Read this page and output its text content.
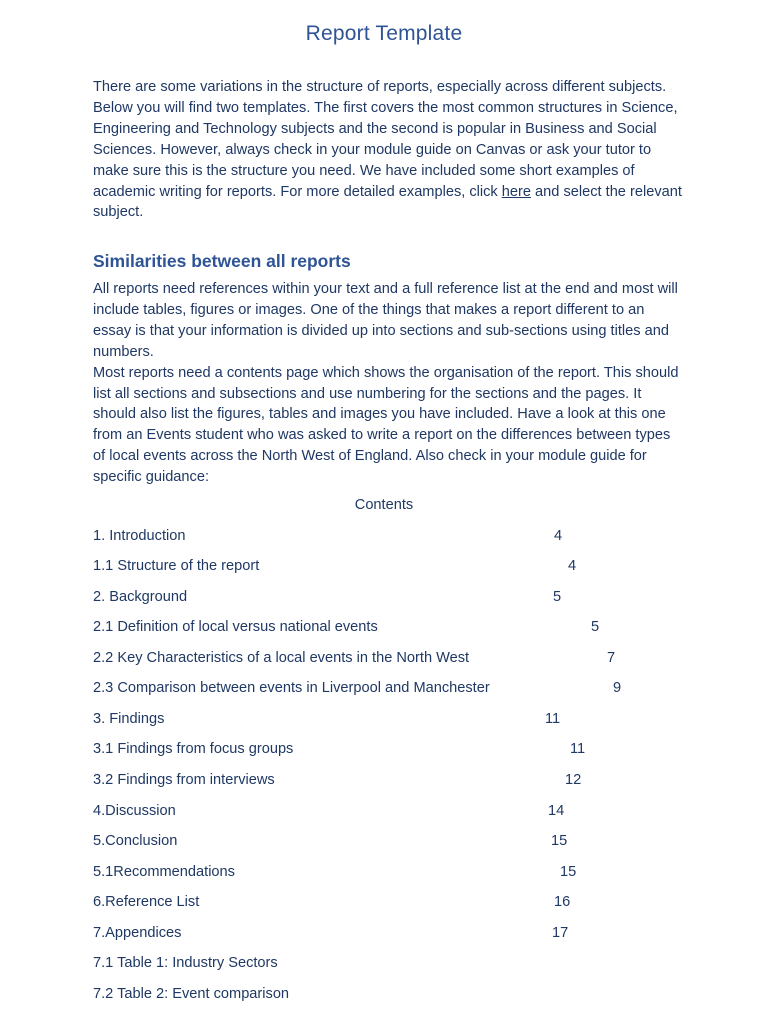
Report Template

There are some variations in the structure of reports, especially across different subjects. Below you will find two templates. The first covers the most common structures in Science, Engineering and Technology subjects and the second is popular in Business and Social Sciences. However, always check in your module guide on Canvas or ask your tutor to make sure this is the structure you need. We have included some short examples of academic writing for reports. For more detailed examples, click here and select the relevant subject.

Similarities between all reports
All reports need references within your text and a full reference list at the end and most will include tables, figures or images. One of the things that makes a report different to an essay is that your information is divided up into sections and sub-sections using titles and numbers.
Most reports need a contents page which shows the organisation of the report. This should list all sections and subsections and use numbering for the sections and the pages. It should also list the figures, tables and images you have included. Have a look at this one from an Events student who was asked to write a report on the differences between types of local events across the North West of England. Also check in your module guide for specific guidance:
Contents
1. Introduction	4
1.1 Structure of the report	4
2. Background	5
2.1 Definition of local versus national events	5
2.2 Key Characteristics of a local events in the North West	7
2.3 Comparison between events in Liverpool and Manchester	9
3. Findings	11
3.1 Findings from focus groups	11
3.2 Findings from interviews	12
4.Discussion	14
5.Conclusion	15
5.1Recommendations	15
6.Reference List	16
7.Appendices	17
7.1 Table 1: Industry Sectors
7.2 Table 2: Event comparison
